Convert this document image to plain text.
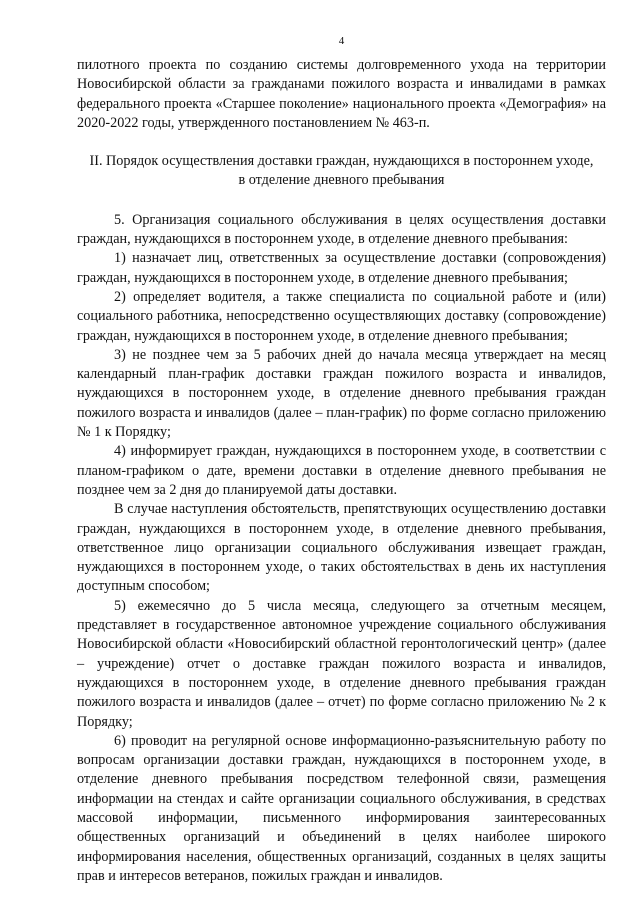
4

пилотного проекта по созданию системы долговременного ухода на территории Новосибирской области за гражданами пожилого возраста и инвалидами в рамках федерального проекта «Старшее поколение» национального проекта «Демография» на 2020-2022 годы, утвержденного постановлением № 463-п.

II. Порядок осуществления доставки граждан, нуждающихся в постороннем уходе, в отделение дневного пребывания

5. Организация социального обслуживания в целях осуществления доставки граждан, нуждающихся в постороннем уходе, в отделение дневного пребывания:

1) назначает лиц, ответственных за осуществление доставки (сопровождения) граждан, нуждающихся в постороннем уходе, в отделение дневного пребывания;

2) определяет водителя, а также специалиста по социальной работе и (или) социального работника, непосредственно осуществляющих доставку (сопровождение) граждан, нуждающихся в постороннем уходе, в отделение дневного пребывания;

3) не позднее чем за 5 рабочих дней до начала месяца утверждает на месяц календарный план-график доставки граждан пожилого возраста и инвалидов, нуждающихся в постороннем уходе, в отделение дневного пребывания граждан пожилого возраста и инвалидов (далее – план-график) по форме согласно приложению № 1 к Порядку;

4) информирует граждан, нуждающихся в постороннем уходе, в соответствии с планом-графиком о дате, времени доставки в отделение дневного пребывания не позднее чем за 2 дня до планируемой даты доставки.

В случае наступления обстоятельств, препятствующих осуществлению доставки граждан, нуждающихся в постороннем уходе, в отделение дневного пребывания, ответственное лицо организации социального обслуживания извещает граждан, нуждающихся в постороннем уходе, о таких обстоятельствах в день их наступления доступным способом;

5) ежемесячно до 5 числа месяца, следующего за отчетным месяцем, представляет в государственное автономное учреждение социального обслуживания Новосибирской области «Новосибирский областной геронтологический центр» (далее – учреждение) отчет о доставке граждан пожилого возраста и инвалидов, нуждающихся в постороннем уходе, в отделение дневного пребывания граждан пожилого возраста и инвалидов (далее – отчет) по форме согласно приложению № 2 к Порядку;

6) проводит на регулярной основе информационно-разъяснительную работу по вопросам организации доставки граждан, нуждающихся в постороннем уходе, в отделение дневного пребывания посредством телефонной связи, размещения информации на стендах и сайте организации социального обслуживания, в средствах массовой информации, письменного информирования заинтересованных общественных организаций и объединений в целях наиболее широкого информирования населения, общественных организаций, созданных в целях защиты прав и интересов ветеранов, пожилых граждан и инвалидов.
